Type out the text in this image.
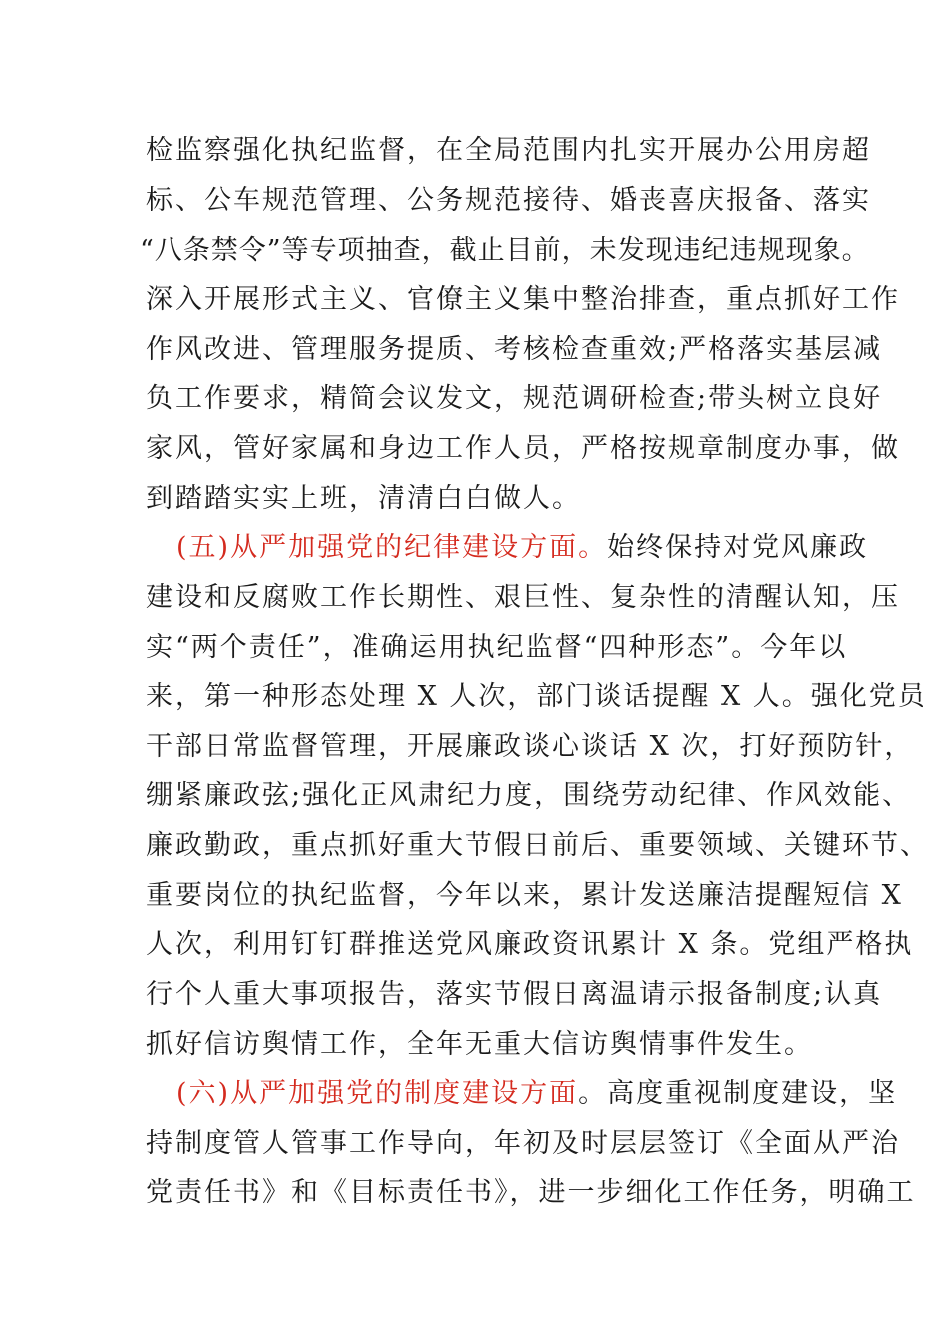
检监察强化执纪监督，在全局范围内扎实开展办公用房超
标、公车规范管理、公务规范接待、婚丧喜庆报备、落实
“八条禁令”等专项抽查，截止目前，未发现违纪违规现象。
深入开展形式主义、官僚主义集中整治排查，重点抓好工作
作风改进、管理服务提质、考核检查重效;严格落实基层减
负工作要求，精简会议发文，规范调研检查;带头树立良好
家风，管好家属和身边工作人员，严格按规章制度办事，做
到踏踏实实上班，清清白白做人。
(五)从严加强党的纪律建设方面。始终保持对党风廉政
建设和反腐败工作长期性、艰巨性、复杂性的清醒认知，压
实“两个责任”，准确运用执纪监督“四种形态”。今年以
来，第一种形态处理 X 人次，部门谈话提醒 X 人。强化党员
干部日常监督管理，开展廉政谈心谈话 X 次，打好预防针，
绷紧廉政弦;强化正风肃纪力度，围绕劳动纪律、作风效能、
廉政勤政，重点抓好重大节假日前后、重要领域、关键环节、
重要岗位的执纪监督，今年以来，累计发送廉洁提醒短信 X
人次，利用钉钉群推送党风廉政资讯累计 X 条。党组严格执
行个人重大事项报告，落实节假日离温请示报备制度;认真
抓好信访舆情工作，全年无重大信访舆情事件发生。
(六)从严加强党的制度建设方面。高度重视制度建设，坚
持制度管人管事工作导向，年初及时层层签订《全面从严治
党责任书》和《目标责任书》，进一步细化工作任务，明确工
